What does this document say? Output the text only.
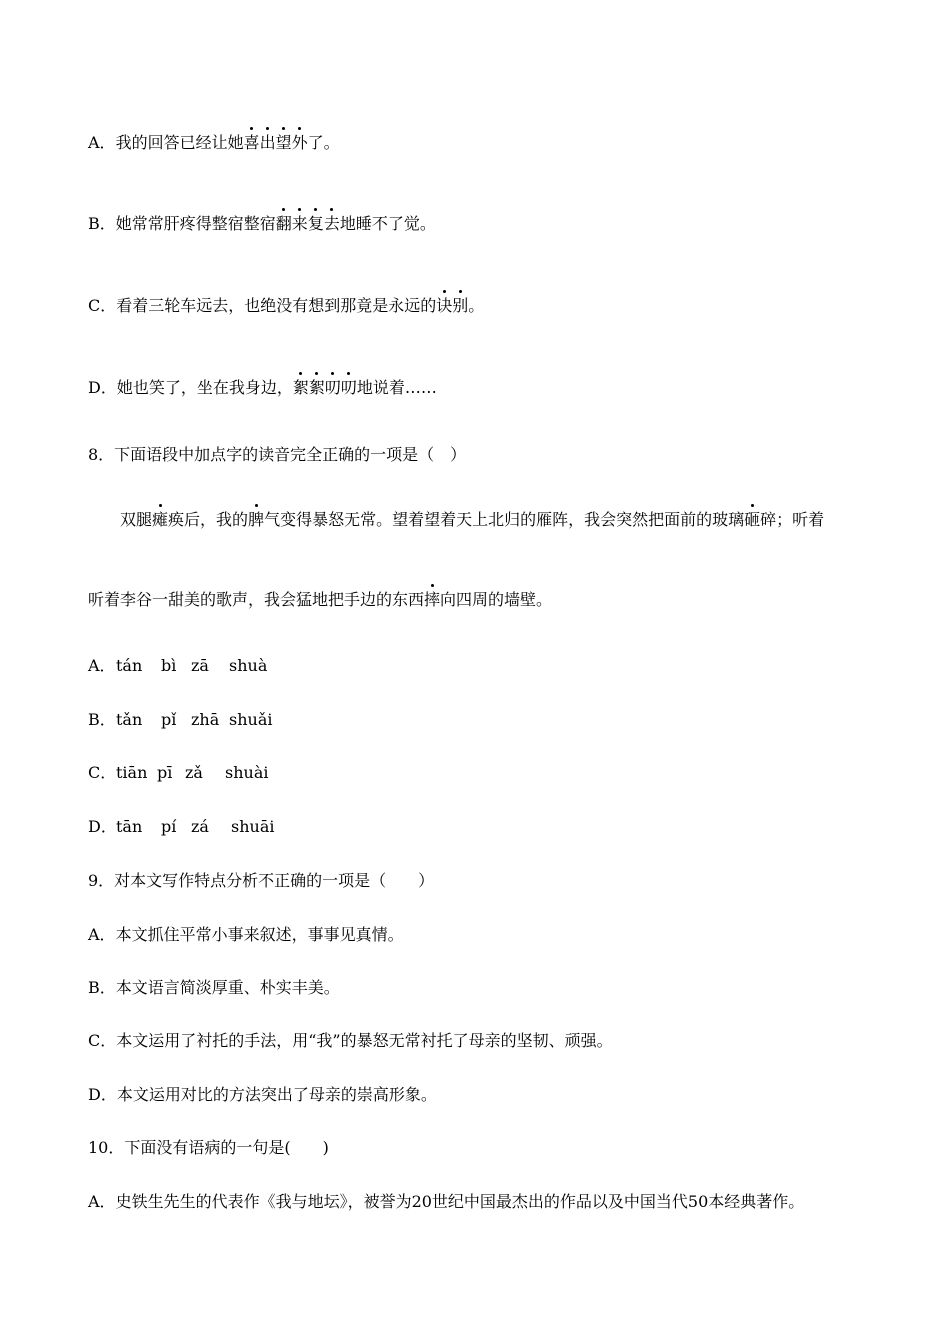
A．我的回答已经让她喜出望外了。
B．她常常肝疼得整宿整宿翻来复去地睡不了觉。
C．看着三轮车远去，也绝没有想到那竟是永远的诀别。
D．她也笑了，坐在我身边，絮絮叨叨地说着……
8．下面语段中加点字的读音完全正确的一项是（　）
双腿瘫痪后，我的脾气变得暴怒无常。望着望着天上北归的雁阵，我会突然把面前的玻璃砸碎；听着
听着李谷一甜美的歌声，我会猛地把手边的东西摔向四周的墙壁。
A．tán bì zā shuà
B．tǎn pǐ zhā shuǎi
C．tiān pī zǎ shuài
D．tān pí zá shuāi
9．对本文写作特点分析不正确的一项是（　　）
A．本文抓住平常小事来叙述，事事见真情。
B．本文语言简淡厚重、朴实丰美。
C．本文运用了衬托的手法，用“我”的暴怒无常衬托了母亲的坚韧、顽强。
D．本文运用对比的方法突出了母亲的崇高形象。
10．下面没有语病的一句是(　　)
A．史铁生先生的代表作《我与地坛》，被誉为20世纪中国最杰出的作品以及中国当代50本经典著作。
